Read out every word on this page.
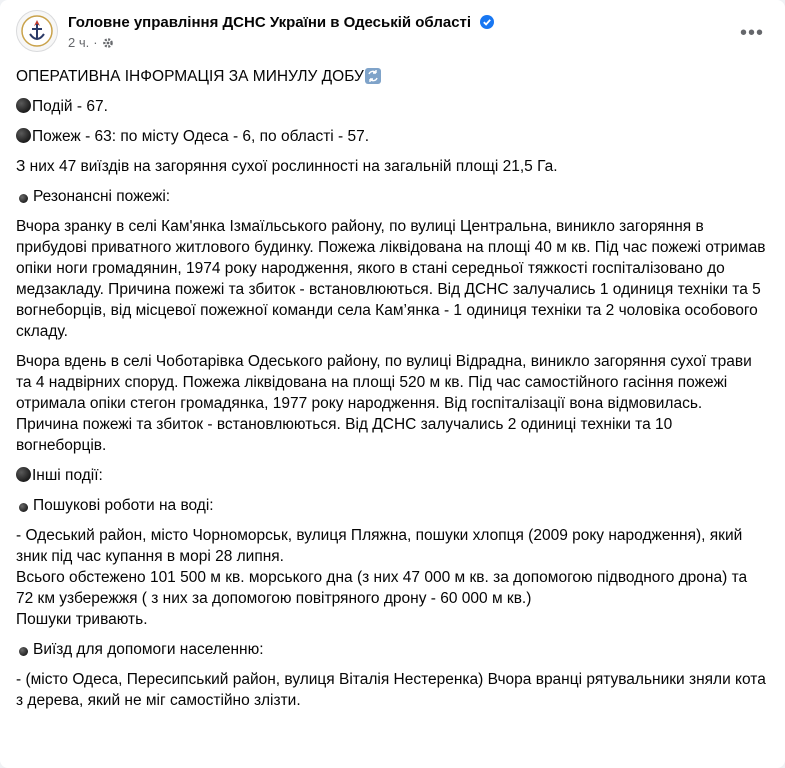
Головне управління ДСНС України в Одеській області
2 ч. ·	•••

ОПЕРАТИВНА ІНФОРМАЦІЯ ЗА МИНУЛУ ДОБУ

Подій - 67.

Пожеж - 63: по місту Одеса - 6, по області - 57.

З них 47 виїздів на загоряння сухої рослинності на загальній площі 21,5 Га.

Резонансні пожежі:

Вчора зранку в селі Кам'янка Ізмаїльського району, по вулиці Центральна, виникло загоряння в прибудові приватного житлового будинку. Пожежа ліквідована на площі 40 м кв. Під час пожежі отримав опіки ноги громадянин, 1974 року народження, якого в стані середньої тяжкості госпіталізовано до медзакладу. Причина пожежі та збиток - встановлюються. Від ДСНС залучались 1 одиниця техніки та 5 вогнеборців, від місцевої пожежної команди села Кам’янка - 1 одиниця техніки та 2 чоловіка особового складу.

Вчора вдень в селі Чоботарівка Одеського району, по вулиці Відрадна, виникло загоряння сухої трави та 4 надвірних споруд. Пожежа ліквідована на площі 520 м кв. Під час самостійного гасіння пожежі отримала опіки стегон громадянка, 1977 року народження. Від госпіталізації вона відмовилась. Причина пожежі та збиток - встановлюються. Від ДСНС залучались 2 одиниці техніки та 10 вогнеборців.

Інші події:

Пошукові роботи на воді:

- Одеський район, місто Чорноморськ, вулиця Пляжна, пошуки хлопця (2009 року народження), який зник під час купання в морі 28 липня.
Всього обстежено 101 500 м кв. морського дна (з них 47 000 м кв. за допомогою підводного дрона) та 72 км узбережжя ( з них за допомогою повітряного дрону - 60 000 м кв.)
Пошуки тривають.

Виїзд для допомоги населенню:

- (місто Одеса, Пересипський район, вулиця Віталія Нестеренка) Вчора вранці рятувальники зняли кота з дерева, який не міг самостійно злізти.
